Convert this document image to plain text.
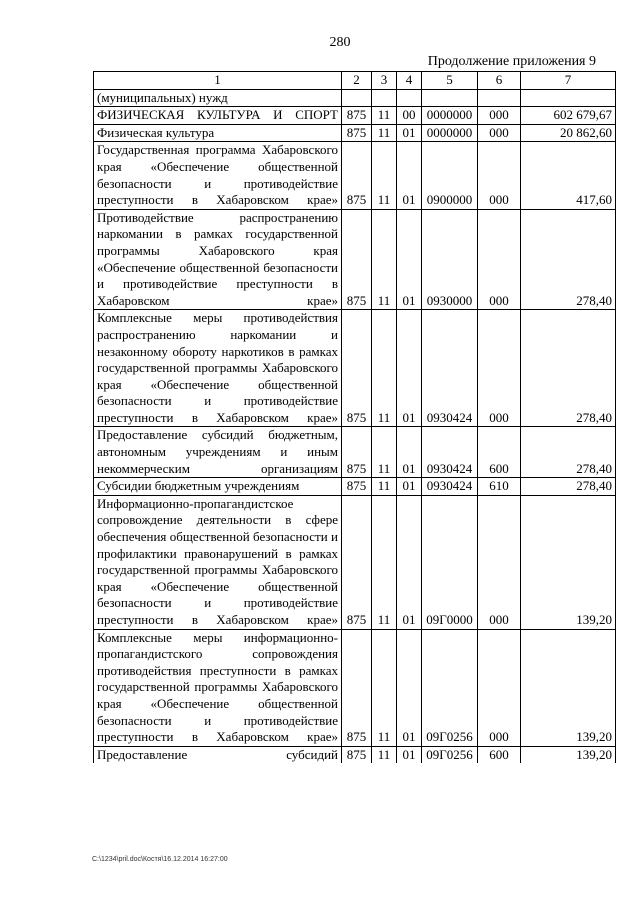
280
Продолжение приложения 9
1	2	3	4	5	6	7
(муниципальных) нужд						
ФИЗИЧЕСКАЯ КУЛЬТУРА И СПОРТ	875	11	00	0000000	000	602 679,67
Физическая культура	875	11	01	0000000	000	20 862,60
Государственная программа Хабаровского края «Обеспечение общественной безопасности и противодействие преступности в Хабаровском крае»	875	11	01	0900000	000	417,60
Противодействие распространению наркомании в рамках государственной программы Хабаровского края «Обеспечение общественной безопасности и противодействие преступности в Хабаровском крае»	875	11	01	0930000	000	278,40
Комплексные меры противодействия распространению наркомании и незаконному обороту наркотиков в рамках государственной программы Хабаровского края «Обеспечение общественной безопасности и противодействие преступности в Хабаровском крае»	875	11	01	0930424	000	278,40
Предоставление субсидий бюджетным, автономным учреждениям и иным некоммерческим организациям	875	11	01	0930424	600	278,40
Субсидии бюджетным учреждениям	875	11	01	0930424	610	278,40
Информационно-пропагандистское сопровождение деятельности в сфере обеспечения общественной безопасности и профилактики правонарушений в рамках государственной программы Хабаровского края «Обеспечение общественной безопасности и противодействие преступности в Хабаровском крае»	875	11	01	09Г0000	000	139,20
Комплексные меры информационно-пропагандистского сопровождения противодействия преступности в рамках государственной программы Хабаровского края «Обеспечение общественной безопасности и противодействие преступности в Хабаровском крае»	875	11	01	09Г0256	000	139,20
Предоставление субсидий	875	11	01	09Г0256	600	139,20
C:\1234\pril.doc\Костя\16.12.2014 16:27:00
